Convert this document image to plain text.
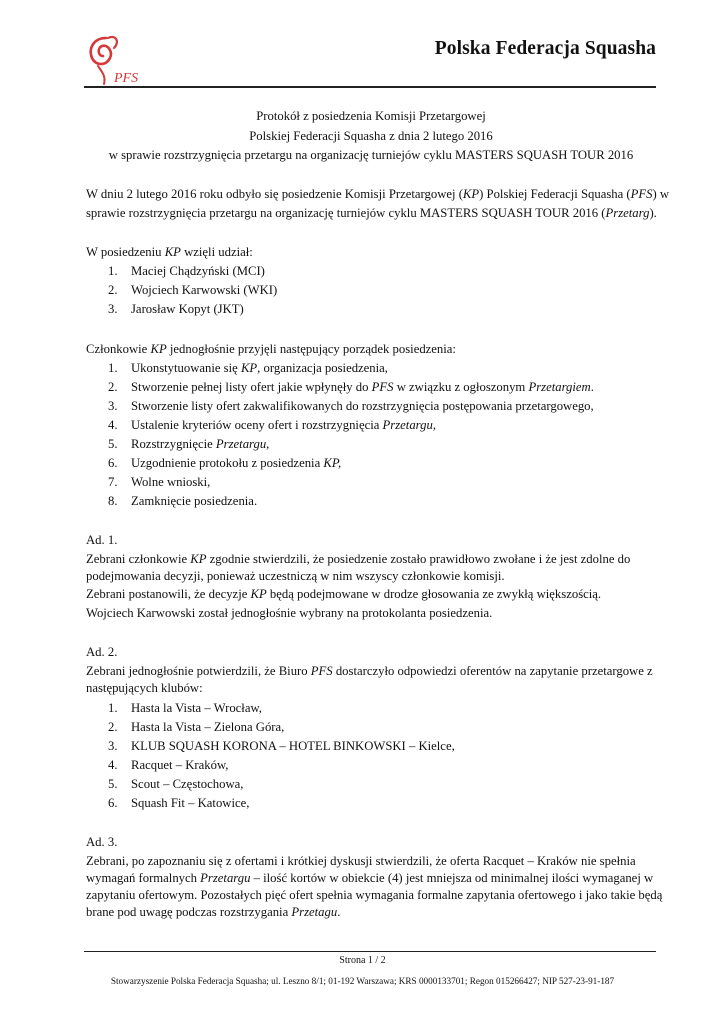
PFS
Polska Federacja Squasha
Protokół z posiedzenia Komisji Przetargowej
Polskiej Federacji Squasha z dnia 2 lutego 2016
w sprawie rozstrzygnięcia przetargu na organizację turniejów cyklu MASTERS SQUASH TOUR 2016
W dniu 2 lutego 2016 roku odbyło się posiedzenie Komisji Przetargowej (KP) Polskiej Federacji Squasha (PFS) w
sprawie rozstrzygnięcia przetargu na organizację turniejów cyklu MASTERS SQUASH TOUR 2016 (Przetarg).
W posiedzeniu KP wzięli udział:
1. Maciej Chądzyński (MCI)
2. Wojciech Karwowski (WKI)
3. Jarosław Kopyt (JKT)
Członkowie KP jednogłośnie przyjęli następujący porządek posiedzenia:
1. Ukonstytuowanie się KP, organizacja posiedzenia,
2. Stworzenie pełnej listy ofert jakie wpłynęły do PFS w związku z ogłoszonym Przetargiem.
3. Stworzenie listy ofert zakwalifikowanych do rozstrzygnięcia postępowania przetargowego,
4. Ustalenie kryteriów oceny ofert i rozstrzygnięcia Przetargu,
5. Rozstrzygnięcie Przetargu,
6. Uzgodnienie protokołu z posiedzenia KP,
7. Wolne wnioski,
8. Zamknięcie posiedzenia.
Ad. 1.
Zebrani członkowie KP zgodnie stwierdzili, że posiedzenie zostało prawidłowo zwołane i że jest zdolne do
podejmowania decyzji, ponieważ uczestniczą w nim wszyscy członkowie komisji.
Zebrani postanowili, że decyzje KP będą podejmowane w drodze głosowania ze zwykłą większością.
Wojciech Karwowski został jednogłośnie wybrany na protokolanta posiedzenia.
Ad. 2.
Zebrani jednogłośnie potwierdzili, że Biuro PFS dostarczyło odpowiedzi oferentów na zapytanie przetargowe z
następujących klubów:
1. Hasta la Vista – Wrocław,
2. Hasta la Vista – Zielona Góra,
3. KLUB SQUASH KORONA – HOTEL BINKOWSKI – Kielce,
4. Racquet – Kraków,
5. Scout – Częstochowa,
6. Squash Fit – Katowice,
Ad. 3.
Zebrani, po zapoznaniu się z ofertami i krótkiej dyskusji stwierdzili, że oferta Racquet – Kraków nie spełnia
wymagań formalnych Przetargu – ilość kortów w obiekcie (4) jest mniejsza od minimalnej ilości wymaganej w
zapytaniu ofertowym. Pozostałych pięć ofert spełnia wymagania formalne zapytania ofertowego i jako takie będą
brane pod uwagę podczas rozstrzygania Przetagu.
Strona 1 / 2
Stowarzyszenie Polska Federacja Squasha; ul. Leszno 8/1; 01-192 Warszawa; KRS 0000133701; Regon 015266427; NIP 527-23-91-187
